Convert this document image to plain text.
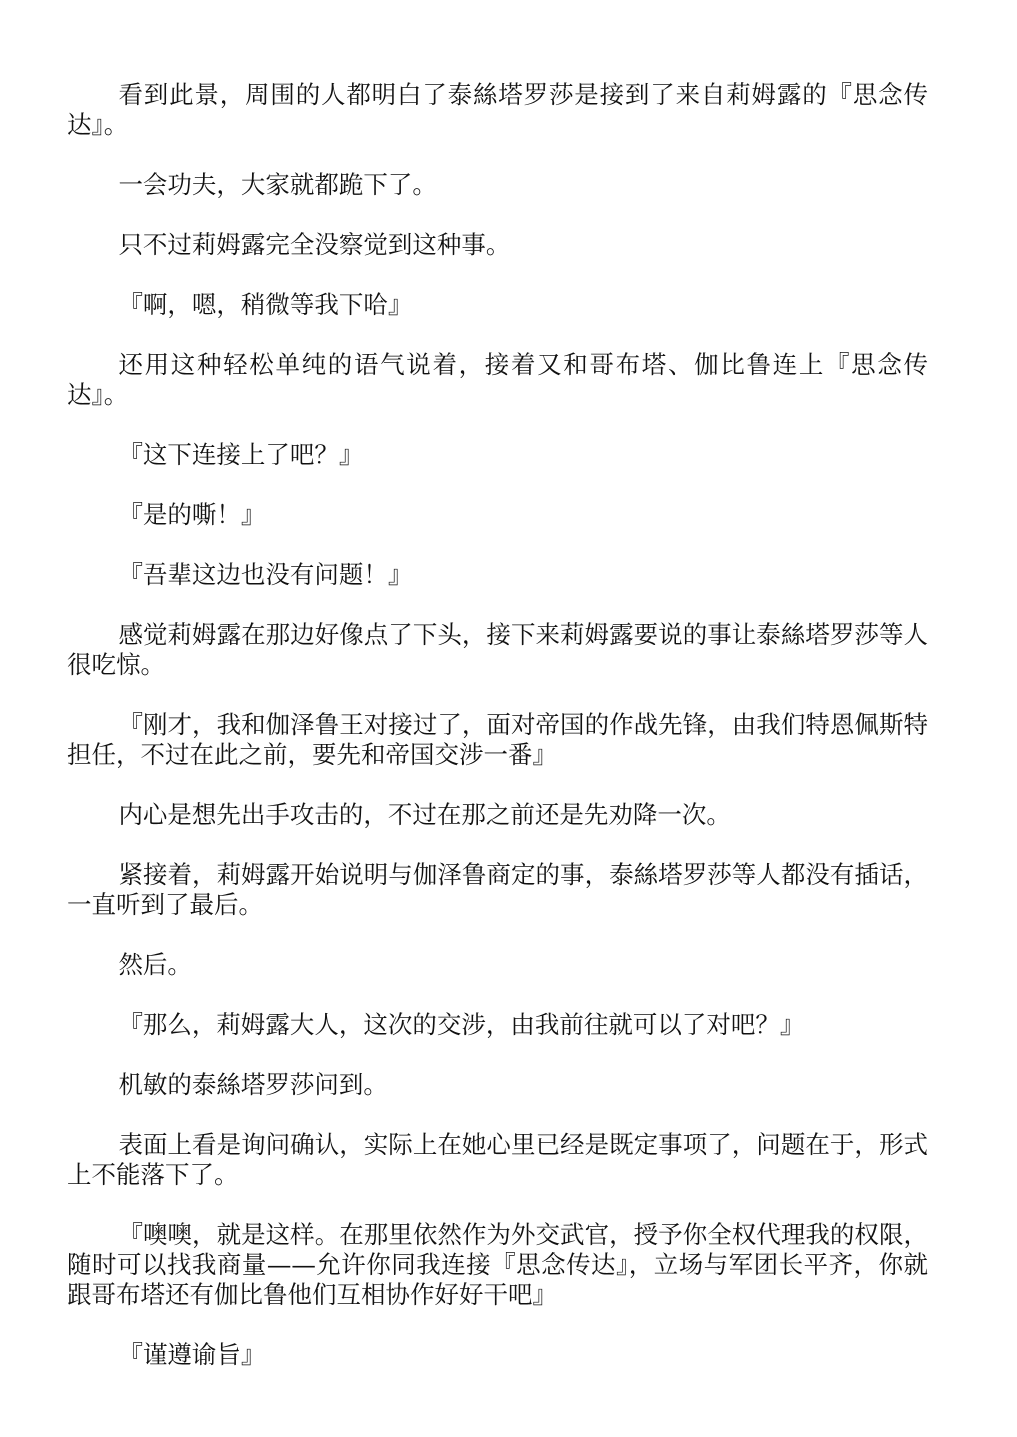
看到此景，周围的人都明白了泰絲塔罗莎是接到了来自莉姆露的『思念传达』。

一会功夫，大家就都跪下了。

只不过莉姆露完全没察觉到这种事。

『啊，嗯，稍微等我下哈』

还用这种轻松单纯的语气说着，接着又和哥布塔、伽比鲁连上『思念传达』。

『这下连接上了吧？』

『是的嘶！』

『吾辈这边也没有问题！』

感觉莉姆露在那边好像点了下头，接下来莉姆露要说的事让泰絲塔罗莎等人很吃惊。

『刚才，我和伽泽鲁王对接过了，面对帝国的作战先锋，由我们特恩佩斯特担任，不过在此之前，要先和帝国交涉一番』

内心是想先出手攻击的，不过在那之前还是先劝降一次。

紧接着，莉姆露开始说明与伽泽鲁商定的事，泰絲塔罗莎等人都没有插话，一直听到了最后。

然后。

『那么，莉姆露大人，这次的交涉，由我前往就可以了对吧？』

机敏的泰絲塔罗莎问到。

表面上看是询问确认，实际上在她心里已经是既定事项了，问题在于，形式上不能落下了。

『噢噢，就是这样。在那里依然作为外交武官，授予你全权代理我的权限，随时可以找我商量——允许你同我连接『思念传达』，立场与军团长平齐，你就跟哥布塔还有伽比鲁他们互相协作好好干吧』

『谨遵谕旨』
